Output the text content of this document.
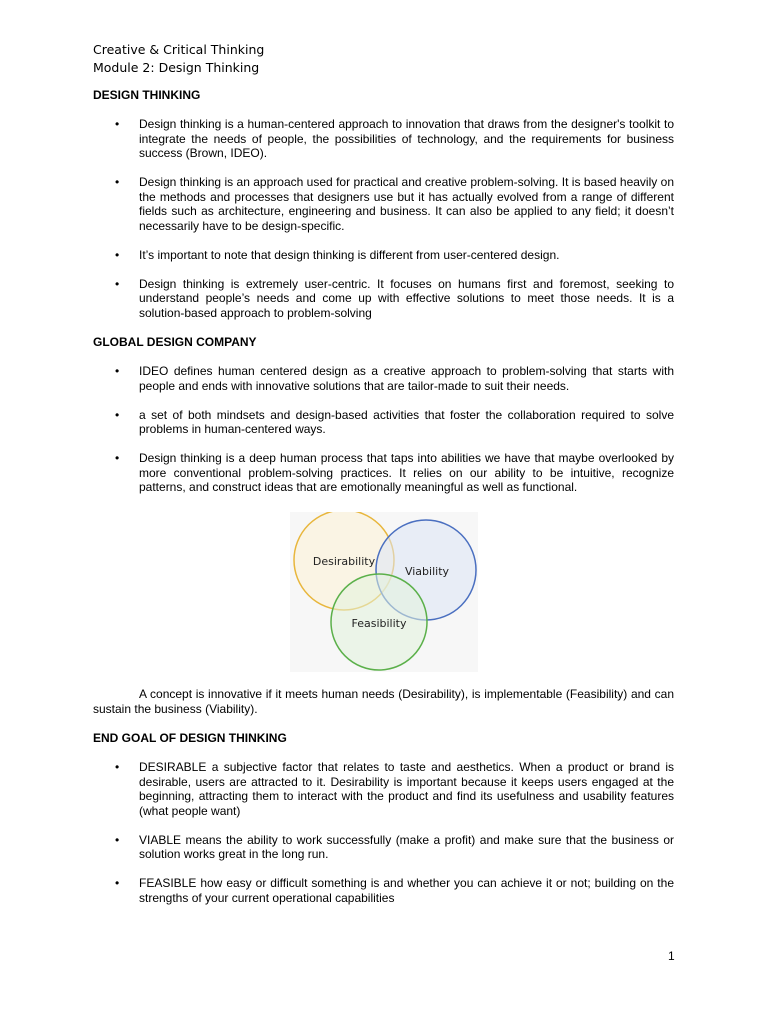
Creative & Critical Thinking
Module 2: Design Thinking
DESIGN THINKING
• Design thinking is a human-centered approach to innovation that draws from the designer's toolkit to integrate the needs of people, the possibilities of technology, and the requirements for business success (Brown, IDEO).
• Design thinking is an approach used for practical and creative problem-solving. It is based heavily on the methods and processes that designers use but it has actually evolved from a range of different fields such as architecture, engineering and business. It can also be applied to any field; it doesn’t necessarily have to be design-specific.
• It’s important to note that design thinking is different from user-centered design.
• Design thinking is extremely user-centric. It focuses on humans first and foremost, seeking to understand people’s needs and come up with effective solutions to meet those needs. It is a solution-based approach to problem-solving
GLOBAL DESIGN COMPANY
• IDEO defines human centered design as a creative approach to problem-solving that starts with people and ends with innovative solutions that are tailor-made to suit their needs.
• a set of both mindsets and design-based activities that foster the collaboration required to solve problems in human-centered ways.
• Design thinking is a deep human process that taps into abilities we have that maybe overlooked by more conventional problem-solving practices. It relies on our ability to be intuitive, recognize patterns, and construct ideas that are emotionally meaningful as well as functional.
Desirability
Viability
Feasibility
A concept is innovative if it meets human needs (Desirability), is implementable (Feasibility) and can sustain the business (Viability).
END GOAL OF DESIGN THINKING
• DESIRABLE a subjective factor that relates to taste and aesthetics. When a product or brand is desirable, users are attracted to it. Desirability is important because it keeps users engaged at the beginning, attracting them to interact with the product and find its usefulness and usability features (what people want)
• VIABLE means the ability to work successfully (make a profit) and make sure that the business or solution works great in the long run.
• FEASIBLE how easy or difficult something is and whether you can achieve it or not; building on the strengths of your current operational capabilities
1
